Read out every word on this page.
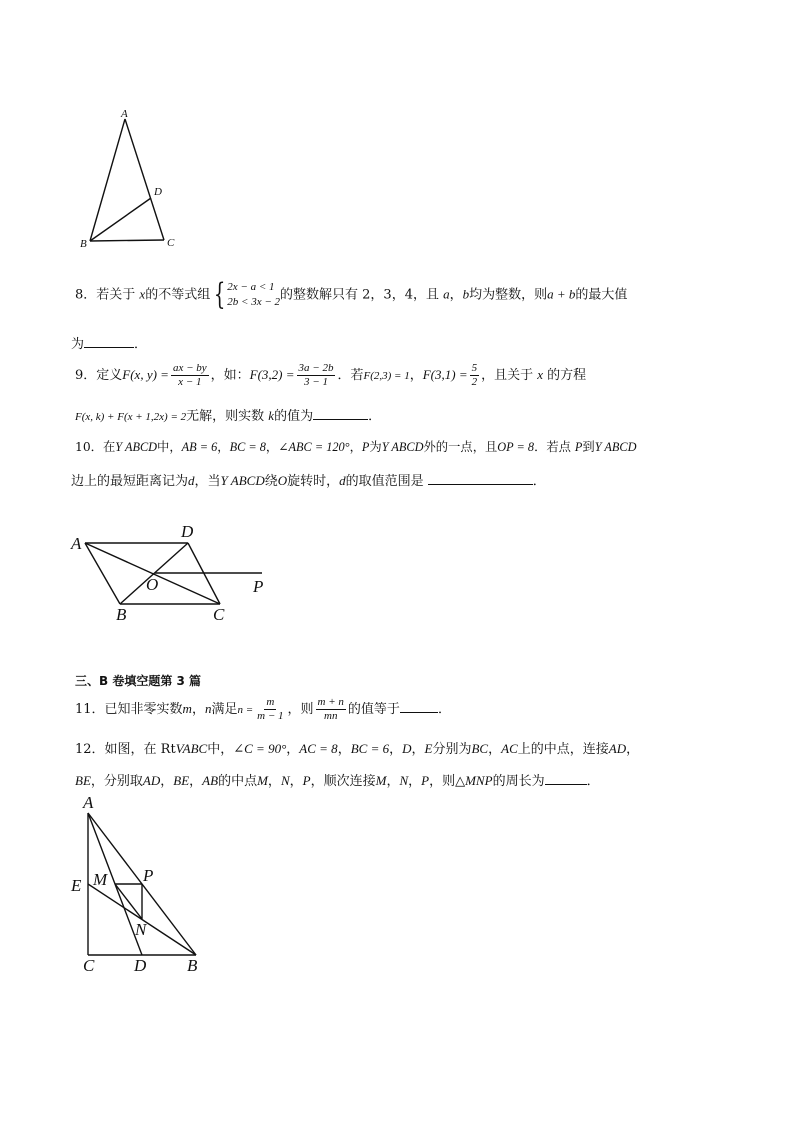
A
D
B	C
8．若关于 x的不等式组 { 2x − a < 1
2b < 3x − 2 的整数解只有 2，3，4，且 a，b均为整数，则a + b的最大值
为	．
9．定义F(x, $y) = \frac{ax - by}{x - 1}$ ，如：$F(3,2) = \frac{3a - 2b}{3 - 1}$ ．若F(2,3) = 1，$F(3,1) = \frac{5}{2}$ ，且关于 x 的方程
F(x, k) + F(x + 1,2x) = 2无解，则实数 k的值为	．
10．在Y ABCD中，AB = 6，BC = 8，∠ABC = 120°，P为Y ABCD外的一点，且OP = 8．若点 P到Y ABCD
边上的最短距离记为d，当Y ABCD绕O旋转时，d的取值范围是	．
A
D
O	P
B	C
三、B 卷填空题第 3 篇
11．已知非零实数m，n满足$n = \frac{m}{m - 1}$ ，则 $\frac{m + n}{mn}$ 的值等于	．
12．如图，在 RtVABC中，∠C = 90°，AC = 8，BC = 6，D，E分别为BC，AC上的中点，连接AD，
BE，分别取AD，BE，AB的中点M，N，P，顺次连接M，N，P，则△MNP的周长为	．
A
M P
E
N
C D B
